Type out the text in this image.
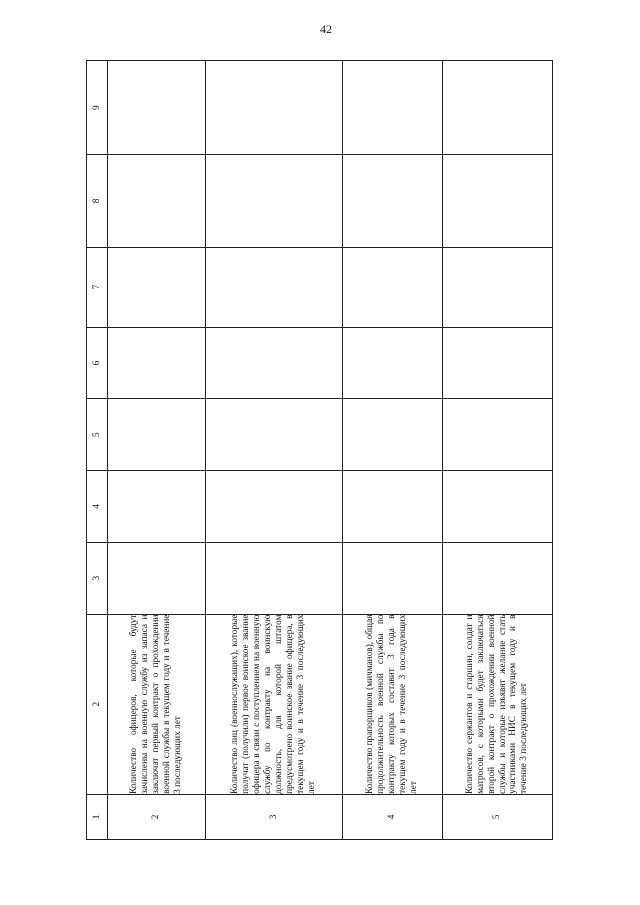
42
1	2	3	4	5	6	7	8	9
2	Количество офицеров, которые будут зачислены на военную службу из запаса и заключат первый контракт о прохождении военной службы в текущем году и в течение 3 последующих лет							
3	Количество лиц (военнослужащих), которые получат (получили) первое воинское звание офицера в связи с поступлением на военную службу по контракту на воинскую должность, для которой штатом предусмотрено воинское звание офицера, в текущем году и в течение 3 последующих лет							
4	Количество прапорщиков (мичманов), общая продолжительность военной службы по контракту которых составит 3 года в текущем году и в течение 3 последующих лет							
5	Количество сержантов и старшин, солдат и матросов, с которыми будет заключаться второй контракт о прохождении военной службы и которые изъявят желание стать участниками НИС в текущем году и в течение 3 последующих лет							
